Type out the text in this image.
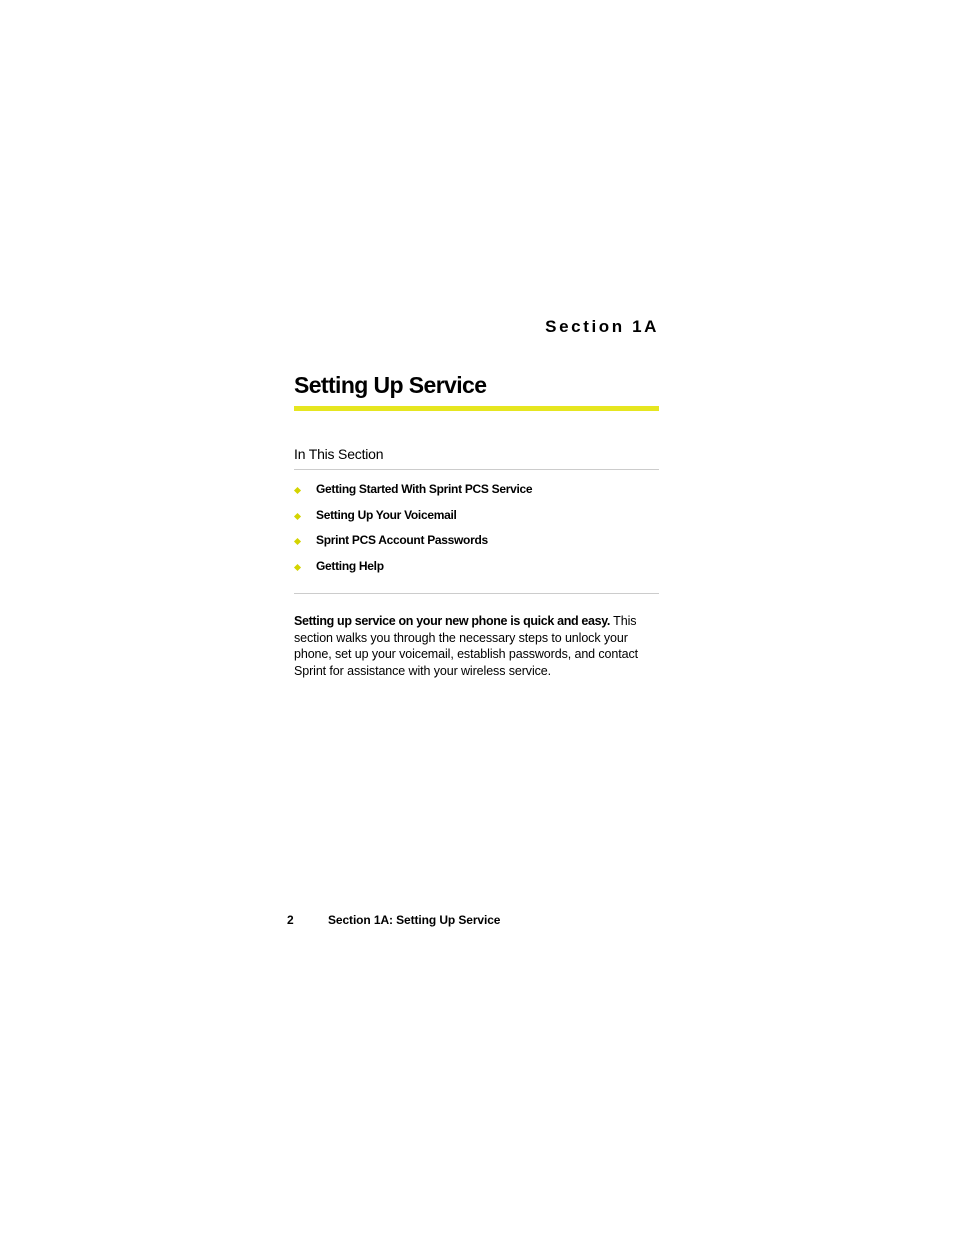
Section 1A
Setting Up Service
In This Section
Getting Started With Sprint PCS Service
Setting Up Your Voicemail
Sprint PCS Account Passwords
Getting Help

Setting up service on your new phone is quick and easy. This section walks you through the necessary steps to unlock your phone, set up your voicemail, establish passwords, and contact Sprint for assistance with your wireless service.

2	Section 1A: Setting Up Service
